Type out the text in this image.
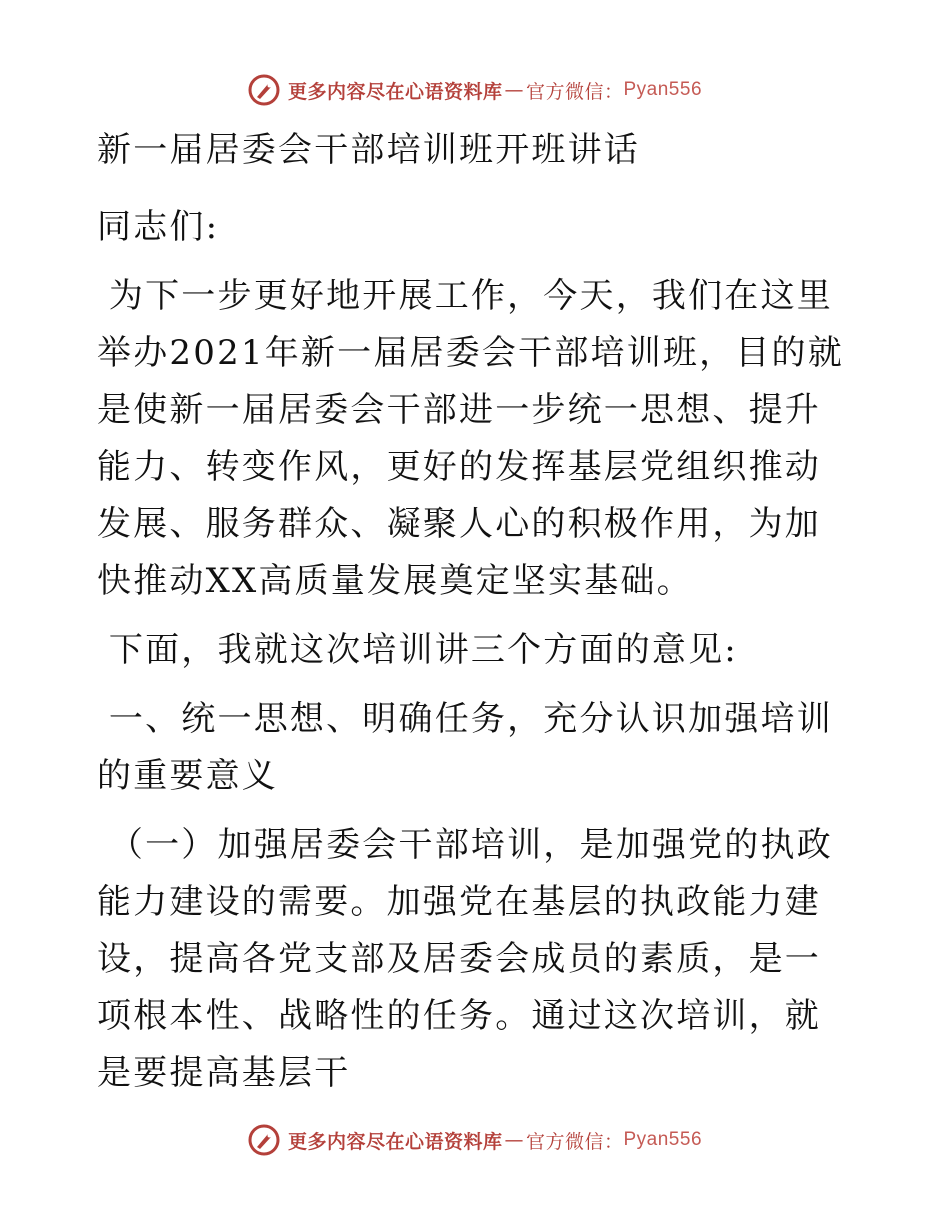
更多内容尽在心语资料库 — 官方微信： Pyan556

新一届居委会干部培训班开班讲话

同志们:

为下一步更好地开展工作，今天，我们在这里举办2021年新一届居委会干部培训班，目的就是使新一届居委会干部进一步统一思想、提升能力、转变作风，更好的发挥基层党组织推动发展、服务群众、凝聚人心的积极作用，为加快推动XX高质量发展奠定坚实基础。

下面，我就这次培训讲三个方面的意见:

一、统一思想、明确任务，充分认识加强培训的重要意义

（一）加强居委会干部培训，是加强党的执政能力建设的需要。加强党在基层的执政能力建设，提高各党支部及居委会成员的素质，是一项根本性、战略性的任务。通过这次培训，就是要提高基层干

更多内容尽在心语资料库 — 官方微信： Pyan556
